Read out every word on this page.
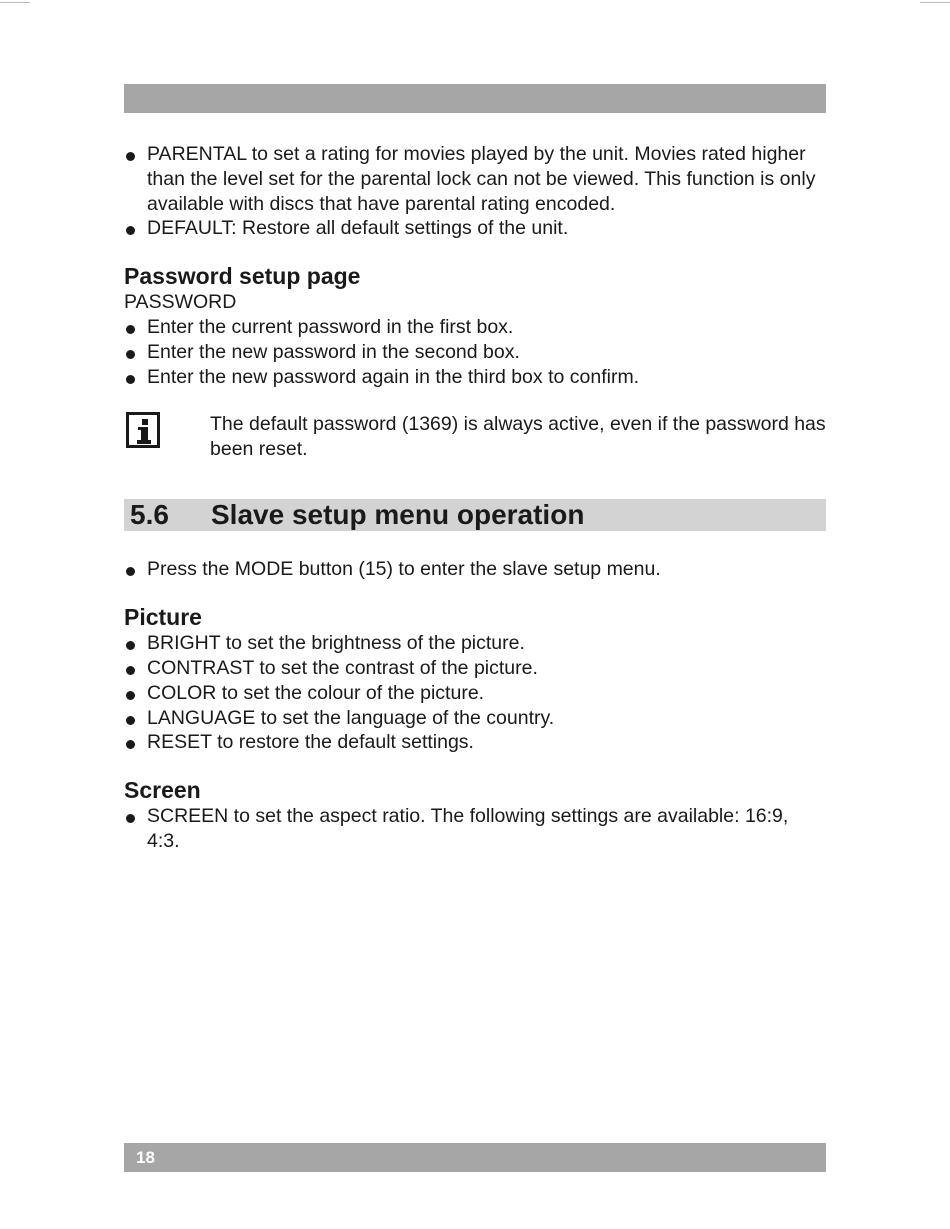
PARENTAL to set a rating for movies played by the unit. Movies rated higher than the level set for the parental lock can not be viewed. This function is only available with discs that have parental rating encoded.
DEFAULT: Restore all default settings of the unit.
Password setup page
PASSWORD
Enter the current password in the first box.
Enter the new password in the second box.
Enter the new password again in the third box to confirm.
The default password (1369) is always active, even if the password has been reset.
5.6 Slave setup menu operation
Press the MODE button (15) to enter the slave setup menu.
Picture
BRIGHT to set the brightness of the picture.
CONTRAST to set the contrast of the picture.
COLOR to set the colour of the picture.
LANGUAGE to set the language of the country.
RESET to restore the default settings.
Screen
SCREEN to set the aspect ratio. The following settings are available: 16:9, 4:3.
18
